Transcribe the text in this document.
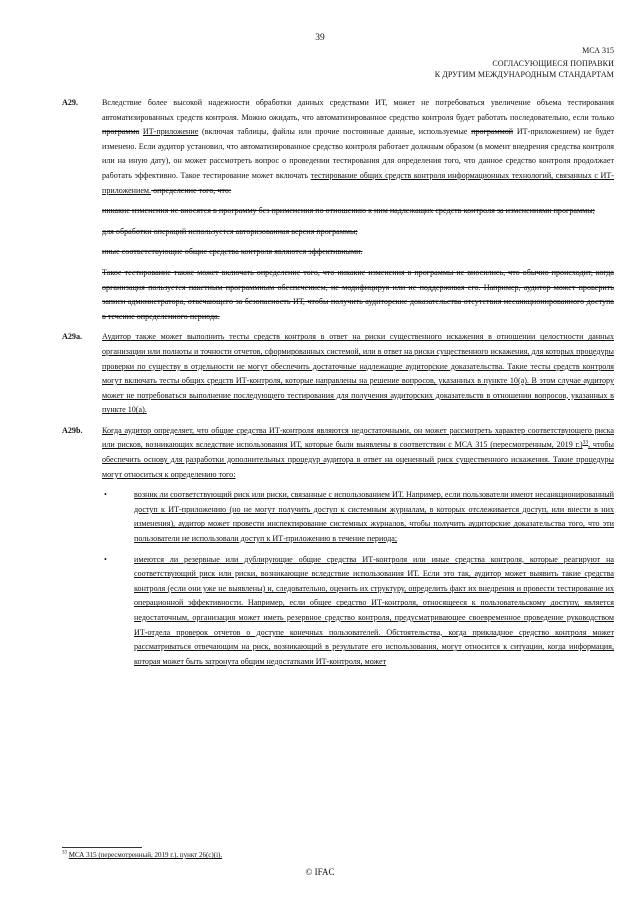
39
МСА 315
СОГЛАСУЮЩИЕСЯ ПОПРАВКИ
К ДРУГИМ МЕЖДУНАРОДНЫМ СТАНДАРТАМ
A29.	Вследствие более высокой надежности обработки данных средствами ИТ, может не потребоваться увеличение объема тестирования автоматизированных средств контроля. Можно ожидать, что автоматизированное средство контроля будет работать последовательно, если только программа ИТ-приложение (включая таблицы, файлы или прочие постоянные данные, используемые программой ИТ-приложением) не будет изменено. Если аудитор установил, что автоматизированное средство контроля работает должным образом (в момент внедрения средства контроля или на иную дату), он может рассмотреть вопрос о проведении тестирования для определения того, что данное средство контроля продолжает работать эффективно. Такое тестирование может включать тестирование общих средств контроля информационных технологий, связанных с ИТ-приложением. определение того, что:
никакие изменения не вносятся в программу без применения по отношению к ним надлежащих средств контроля за изменениями программы;
для обработки операций используется авторизованная версия программы;
иные соответствующие общие средства контроля являются эффективными.
Такое тестирование также может включать определение того, что никакие изменения в программы не вносились, что обычно происходит, когда организация пользуется пакетным программным обеспечением, не модифицируя или не поддерживая его. Например, аудитор может проверить записи администратора, отвечающего за безопасность ИТ, чтобы получить аудиторские доказательства отсутствия несанкционированного доступа в течение определенного периода.
A29a. Аудитор также может выполнить тесты средств контроля в ответ на риски существенного искажения в отношении целостности данных организации или полноты и точности отчетов, сформированных системой, или в ответ на риски существенного искажения, для которых процедуры проверки по существу в отдельности не могут обеспечить достаточные надлежащие аудиторские доказательства. Такие тесты средств контроля могут включать тесты общих средств ИТ-контроля, которые направлены на решение вопросов, указанных в пункте 10(а). В этом случае аудитору может не потребоваться выполнение последующего тестирования для получения аудиторских доказательств в отношении вопросов, указанных в пункте 10(а).
A29b. Когда аудитор определяет, что общие средства ИТ-контроля являются недостаточными, он может рассмотреть характер соответствующего риска или рисков, возникающих вследствие использования ИТ, которые были выявлены в соответствии с МСА 315 (пересмотренным, 2019 г.)$^{33}$, чтобы обеспечить основу для разработки дополнительных процедур аудитора в ответ на оцененный риск существенного искажения. Такие процедуры могут относиться к определению того:
•	возник ли соответствующий риск или риски, связанные с использованием ИТ. Например, если пользователи имеют несанкционированный доступ к ИТ-приложению (но не могут получить доступ к системным журналам, в которых отслеживается доступ, или внести в них изменения), аудитор может провести инспектирование системных журналов, чтобы получить аудиторские доказательства того, что эти пользователи не использовали доступ к ИТ-приложению в течение периода;
•	имеются ли резервные или дублирующие общие средства ИТ-контроля или иные средства контроля, которые реагируют на соответствующий риск или риски, возникающие вследствие использования ИТ. Если это так, аудитор может выявить такие средства контроля (если они уже не выявлены) и, следовательно, оценить их структуру, определить факт их внедрения и провести тестирование их операционной эффективности. Например, если общее средство ИТ-контроля, относящееся к пользовательскому доступу, является недостаточным, организация может иметь резервное средство контроля, предусматривающее своевременное проведение руководством ИТ-отдела проверок отчетов о доступе конечных пользователей. Обстоятельства, когда прикладное средство контроля может рассматриваться отвечающим на риск, возникающий в результате его использования, могут относится к ситуации, когда информация, которая может быть затронута общим недостатками ИТ-контроля, может
$^{33}$ МСА 315 (пересмотренный, 2019 г.), пункт 26(с)(i).
© IFAC
